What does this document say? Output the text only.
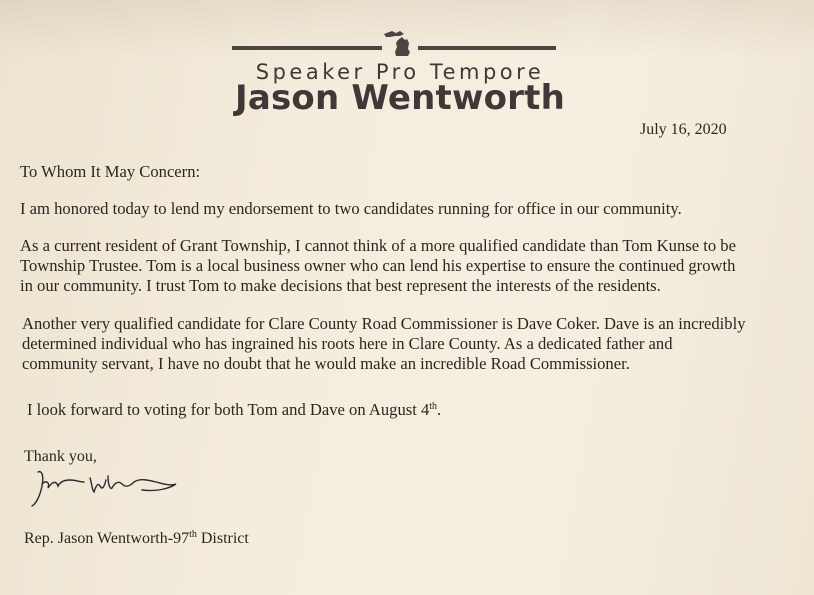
Speaker Pro Tempore
Jason Wentworth
July 16, 2020
To Whom It May Concern:
I am honored today to lend my endorsement to two candidates running for office in our community.
As a current resident of Grant Township, I cannot think of a more qualified candidate than Tom Kunse to be
Township Trustee. Tom is a local business owner who can lend his expertise to ensure the continued growth
in our community. I trust Tom to make decisions that best represent the interests of the residents.
Another very qualified candidate for Clare County Road Commissioner is Dave Coker. Dave is an incredibly
determined individual who has ingrained his roots here in Clare County. As a dedicated father and
community servant, I have no doubt that he would make an incredible Road Commissioner.
I look forward to voting for both Tom and Dave on August 4th.
Thank you,
Rep. Jason Wentworth-97th District
